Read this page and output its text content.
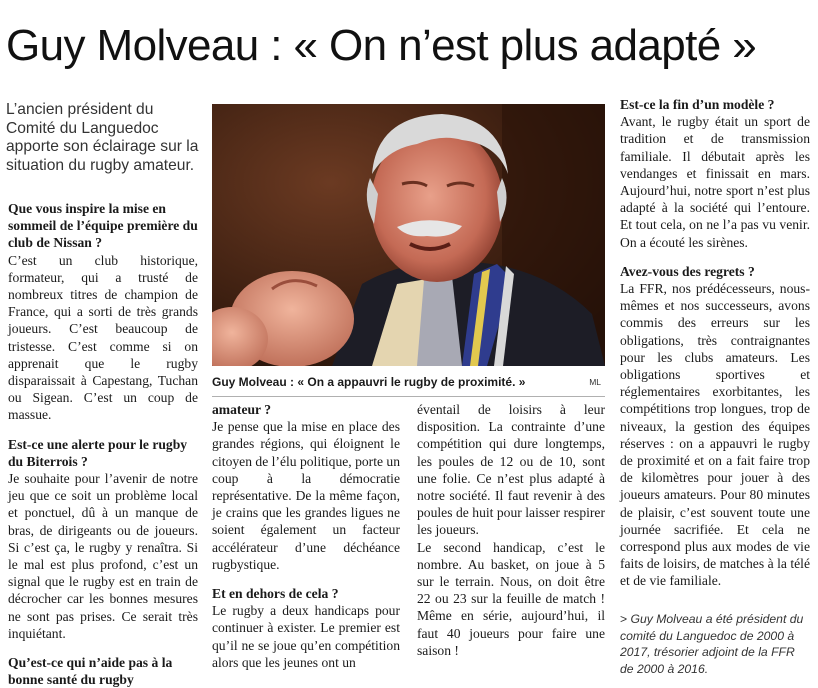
Guy Molveau : « On n’est plus adapté »
L’ancien président du Comité du Languedoc apporte son éclairage sur la situation du rugby amateur.

Que vous inspire la mise en sommeil de l’équipe première du club de Nissan ?

C’est un club historique, formateur, qui a trusté de nombreux titres de champion de France, qui a sorti de très grands joueurs. C’est beaucoup de tristesse. C’est comme si on apprenait que le rugby disparaissait à Capestang, Tuchan ou Sigean. C’est un coup de massue.

Est-ce une alerte pour le rugby du Biterrois ?

Je souhaite pour l’avenir de notre jeu que ce soit un problème local et ponctuel, dû à un manque de bras, de dirigeants ou de joueurs. Si c’est ça, le rugby y renaîtra. Si le mal est plus profond, c’est un signal que le rugby est en train de décrocher car les bonnes mesures ne sont pas prises. Ce serait très inquiétant.

Qu’est-ce qui n’aide pas à la bonne santé du rugby

Guy Molveau : « On a appauvri le rugby de proximité. »	ML

amateur ?

Je pense que la mise en place des grandes régions, qui éloignent le citoyen de l’élu politique, porte un coup à la démocratie représentative. De la même façon, je crains que les grandes ligues ne soient également un facteur accélérateur d’une déchéance rugbystique.

Et en dehors de cela ?

Le rugby a deux handicaps pour continuer à exister. Le premier est qu’il ne se joue qu’en compétition alors que les jeunes ont un

éventail de loisirs à leur disposition. La contrainte d’une compétition qui dure longtemps, les poules de 12 ou de 10, sont une folie. Ce n’est plus adapté à notre société. Il faut revenir à des poules de huit pour laisser respirer les joueurs.

Le second handicap, c’est le nombre. Au basket, on joue à 5 sur le terrain. Nous, on doit être 22 ou 23 sur la feuille de match ! Même en série, aujourd’hui, il faut 40 joueurs pour faire une saison !

Est-ce la fin d’un modèle ?

Avant, le rugby était un sport de tradition et de transmission familiale. Il débutait après les vendanges et finissait en mars. Aujourd’hui, notre sport n’est plus adapté à la société qui l’entoure. Et tout cela, on ne l’a pas vu venir. On a écouté les sirènes.

Avez-vous des regrets ?

La FFR, nos prédécesseurs, nous-mêmes et nos successeurs, avons commis des erreurs sur les obligations, très contraignantes pour les clubs amateurs. Les obligations sportives et réglementaires exorbitantes, les compétitions trop longues, trop de niveaux, la gestion des équipes réserves : on a appauvri le rugby de proximité et on a fait faire trop de kilomètres pour jouer à des joueurs amateurs. Pour 80 minutes de plaisir, c’est souvent toute une journée sacrifiée. Et cela ne correspond plus aux modes de vie faits de loisirs, de matches à la télé et de vie familiale.

> Guy Molveau a été président du comité du Languedoc de 2000 à 2017, trésorier adjoint de la FFR de 2000 à 2016.
